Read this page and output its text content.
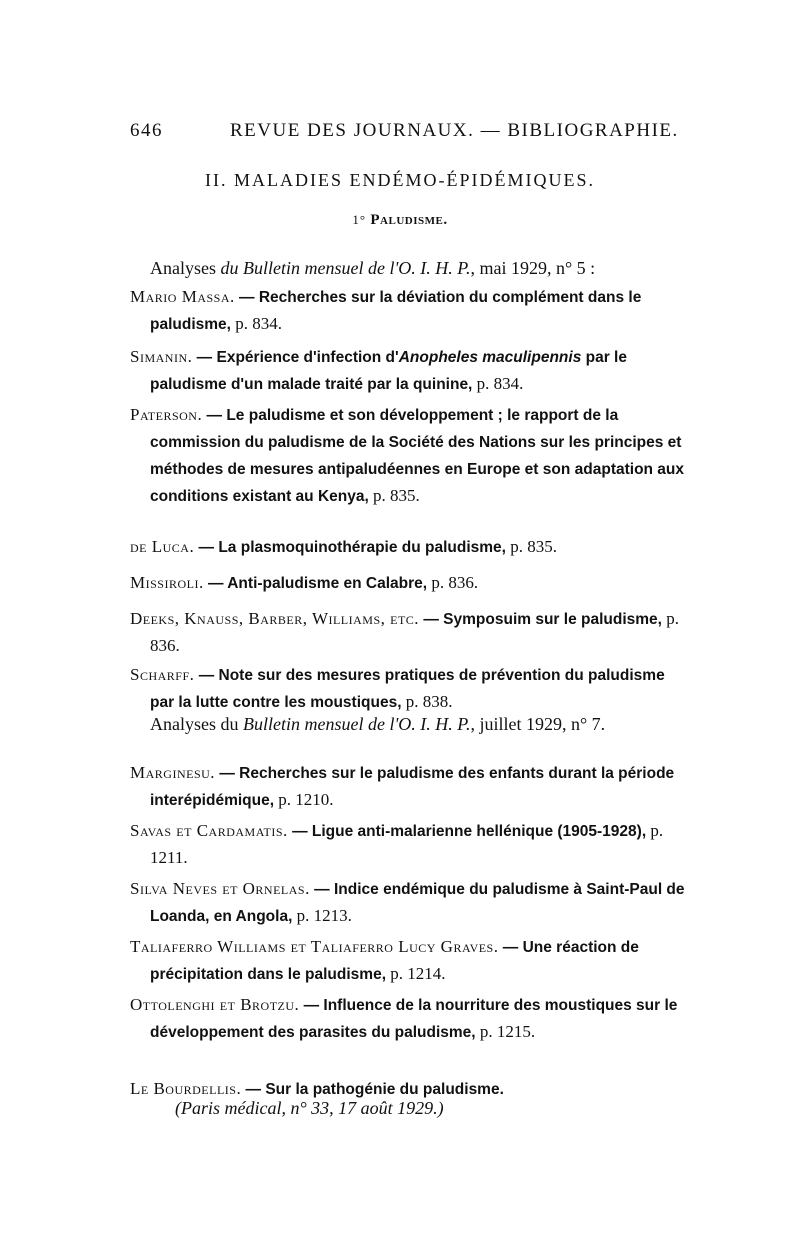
646	REVUE DES JOURNAUX. — BIBLIOGRAPHIE.
II. MALADIES ENDÉMO-ÉPIDÉMIQUES.
1° Paludisme.
Analyses du Bulletin mensuel de l'O. I. H. P., mai 1929, n° 5 :
Mario Massa. — Recherches sur la déviation du complément dans le paludisme, p. 834.
Simanin. — Expérience d'infection d'Anopheles maculipennis par le paludisme d'un malade traité par la quinine, p. 834.
Paterson. — Le paludisme et son développement ; le rapport de la commission du paludisme de la Société des Nations sur les principes et méthodes de mesures antipaludéennes en Europe et son adaptation aux conditions existant au Kenya, p. 835.
de Luca. — La plasmoquinothérapie du paludisme, p. 835.
Missiroli. — Anti-paludisme en Calabre, p. 836.
Deeks, Knauss, Barber, Williams, etc. — Symposuim sur le paludisme, p. 836.
Scharff. — Note sur des mesures pratiques de prévention du paludisme par la lutte contre les moustiques, p. 838.
Analyses du Bulletin mensuel de l'O. I. H. P., juillet 1929, n° 7.
Marginesu. — Recherches sur le paludisme des enfants durant la période interépidémique, p. 1210.
Savas et Cardamatis. — Ligue anti-malarienne hellénique (1905-1928), p. 1211.
Silva Neves et Ornelas. — Indice endémique du paludisme à Saint-Paul de Loanda, en Angola, p. 1213.
Taliaferro Williams et Taliaferro Lucy Graves. — Une réaction de précipitation dans le paludisme, p. 1214.
Ottolenghi et Brotzu. — Influence de la nourriture des moustiques sur le développement des parasites du paludisme, p. 1215.
Le Bourdellis. — Sur la pathogénie du paludisme.
(Paris médical, n° 33, 17 août 1929.)
